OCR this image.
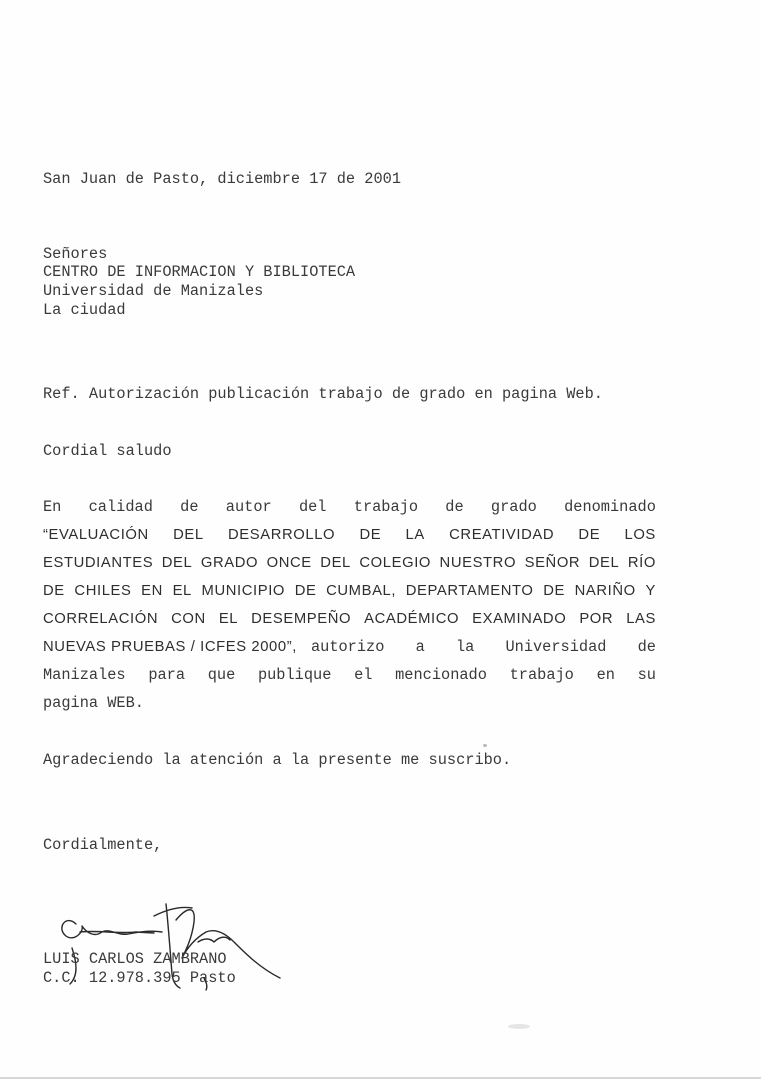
San Juan de Pasto, diciembre 17 de 2001
Señores
CENTRO DE INFORMACION Y BIBLIOTECA
Universidad de Manizales
La ciudad
Ref. Autorización publicación trabajo de grado en pagina Web.
Cordial saludo
En calidad de autor del trabajo de grado denominado
“EVALUACIÓN DEL DESARROLLO DE LA CREATIVIDAD DE LOS
ESTUDIANTES DEL GRADO ONCE DEL COLEGIO NUESTRO SEÑOR DEL RÍO
DE CHILES EN EL MUNICIPIO DE CUMBAL, DEPARTAMENTO DE NARIÑO Y
CORRELACIÓN CON EL DESEMPEÑO ACADÉMICO EXAMINADO POR LAS
NUEVAS PRUEBAS / ICFES 2000”, autorizo a la Universidad de
Manizales para que publique el mencionado trabajo en su
pagina WEB.
Agradeciendo la atención a la presente me suscribo.
Cordialmente,
LUIS CARLOS ZAMBRANO
C.C. 12.978.395 Pasto
